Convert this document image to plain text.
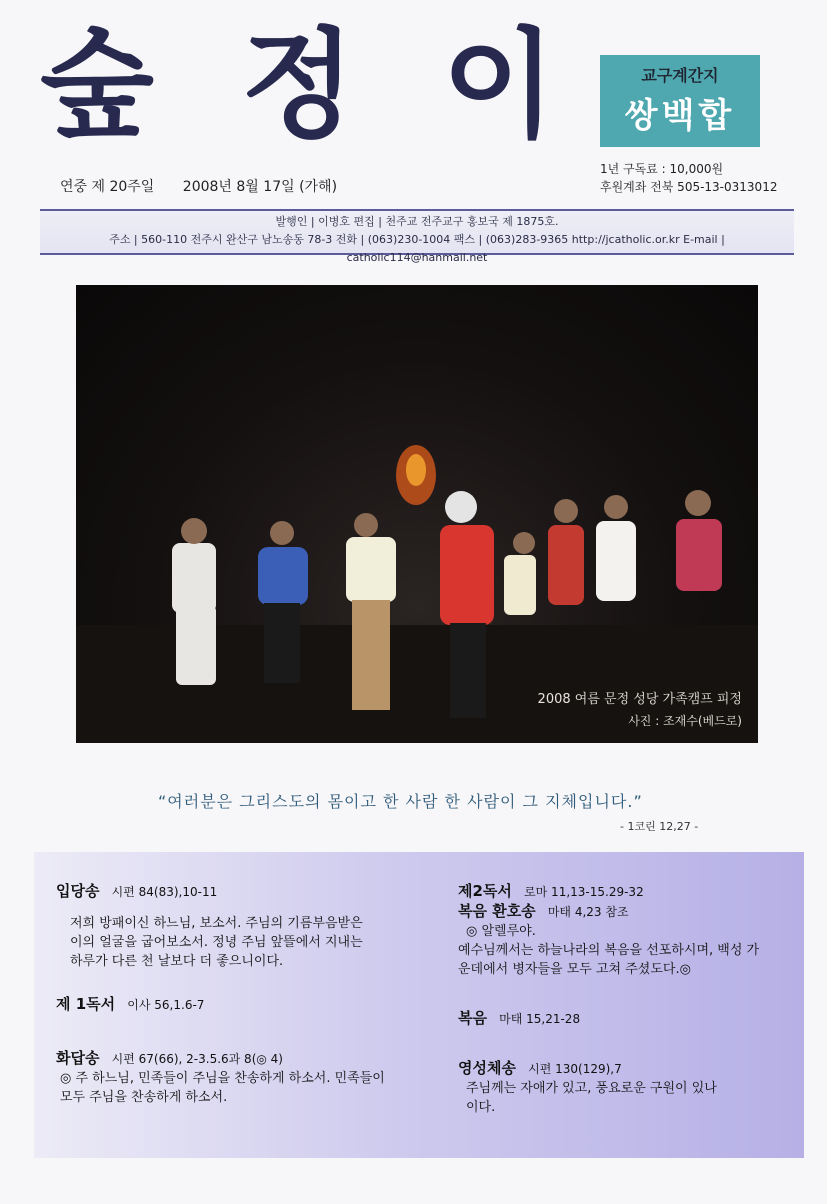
숲 정 이	교구계간지
쌍백합
연중 제 20주일 2008년 8월 17일 (가해)
1년 구독료 : 10,000원
후원계좌 전북 505-13-0313012
발행인 | 이병호 편집 | 천주교 전주교구 홍보국 제 1875호.
주소 | 560-110 전주시 완산구 남노송동 78-3 전화 | (063)230-1004 팩스 | (063)283-9365 http://jcatholic.or.kr E-mail | catholic114@hanmail.net
2008 여름 문정 성당 가족캠프 피정
사진 : 조재수(베드로)
“여러분은 그리스도의 몸이고 한 사람 한 사람이 그 지체입니다.”
- 1코린 12,27 -
입당송 시편 84(83),10-11
저희 방패이신 하느님, 보소서. 주님의 기름부음받은
이의 얼굴을 굽어보소서. 정녕 주님 앞뜰에서 지내는
하루가 다른 천 날보다 더 좋으니이다.
제 1독서 이사 56,1.6-7
화답송 시편 67(66), 2-3.5.6과 8(◎ 4)
◎ 주 하느님, 민족들이 주님을 찬송하게 하소서. 민족들이
모두 주님을 찬송하게 하소서.
제2독서 로마 11,13-15.29-32
복음 환호송 마태 4,23 참조
◎ 알렐루야.
예수님께서는 하늘나라의 복음을 선포하시며, 백성 가
운데에서 병자들을 모두 고쳐 주셨도다.◎
복음 마태 15,21-28
영성체송 시편 130(129),7
주님께는 자애가 있고, 풍요로운 구원이 있나
이다.
